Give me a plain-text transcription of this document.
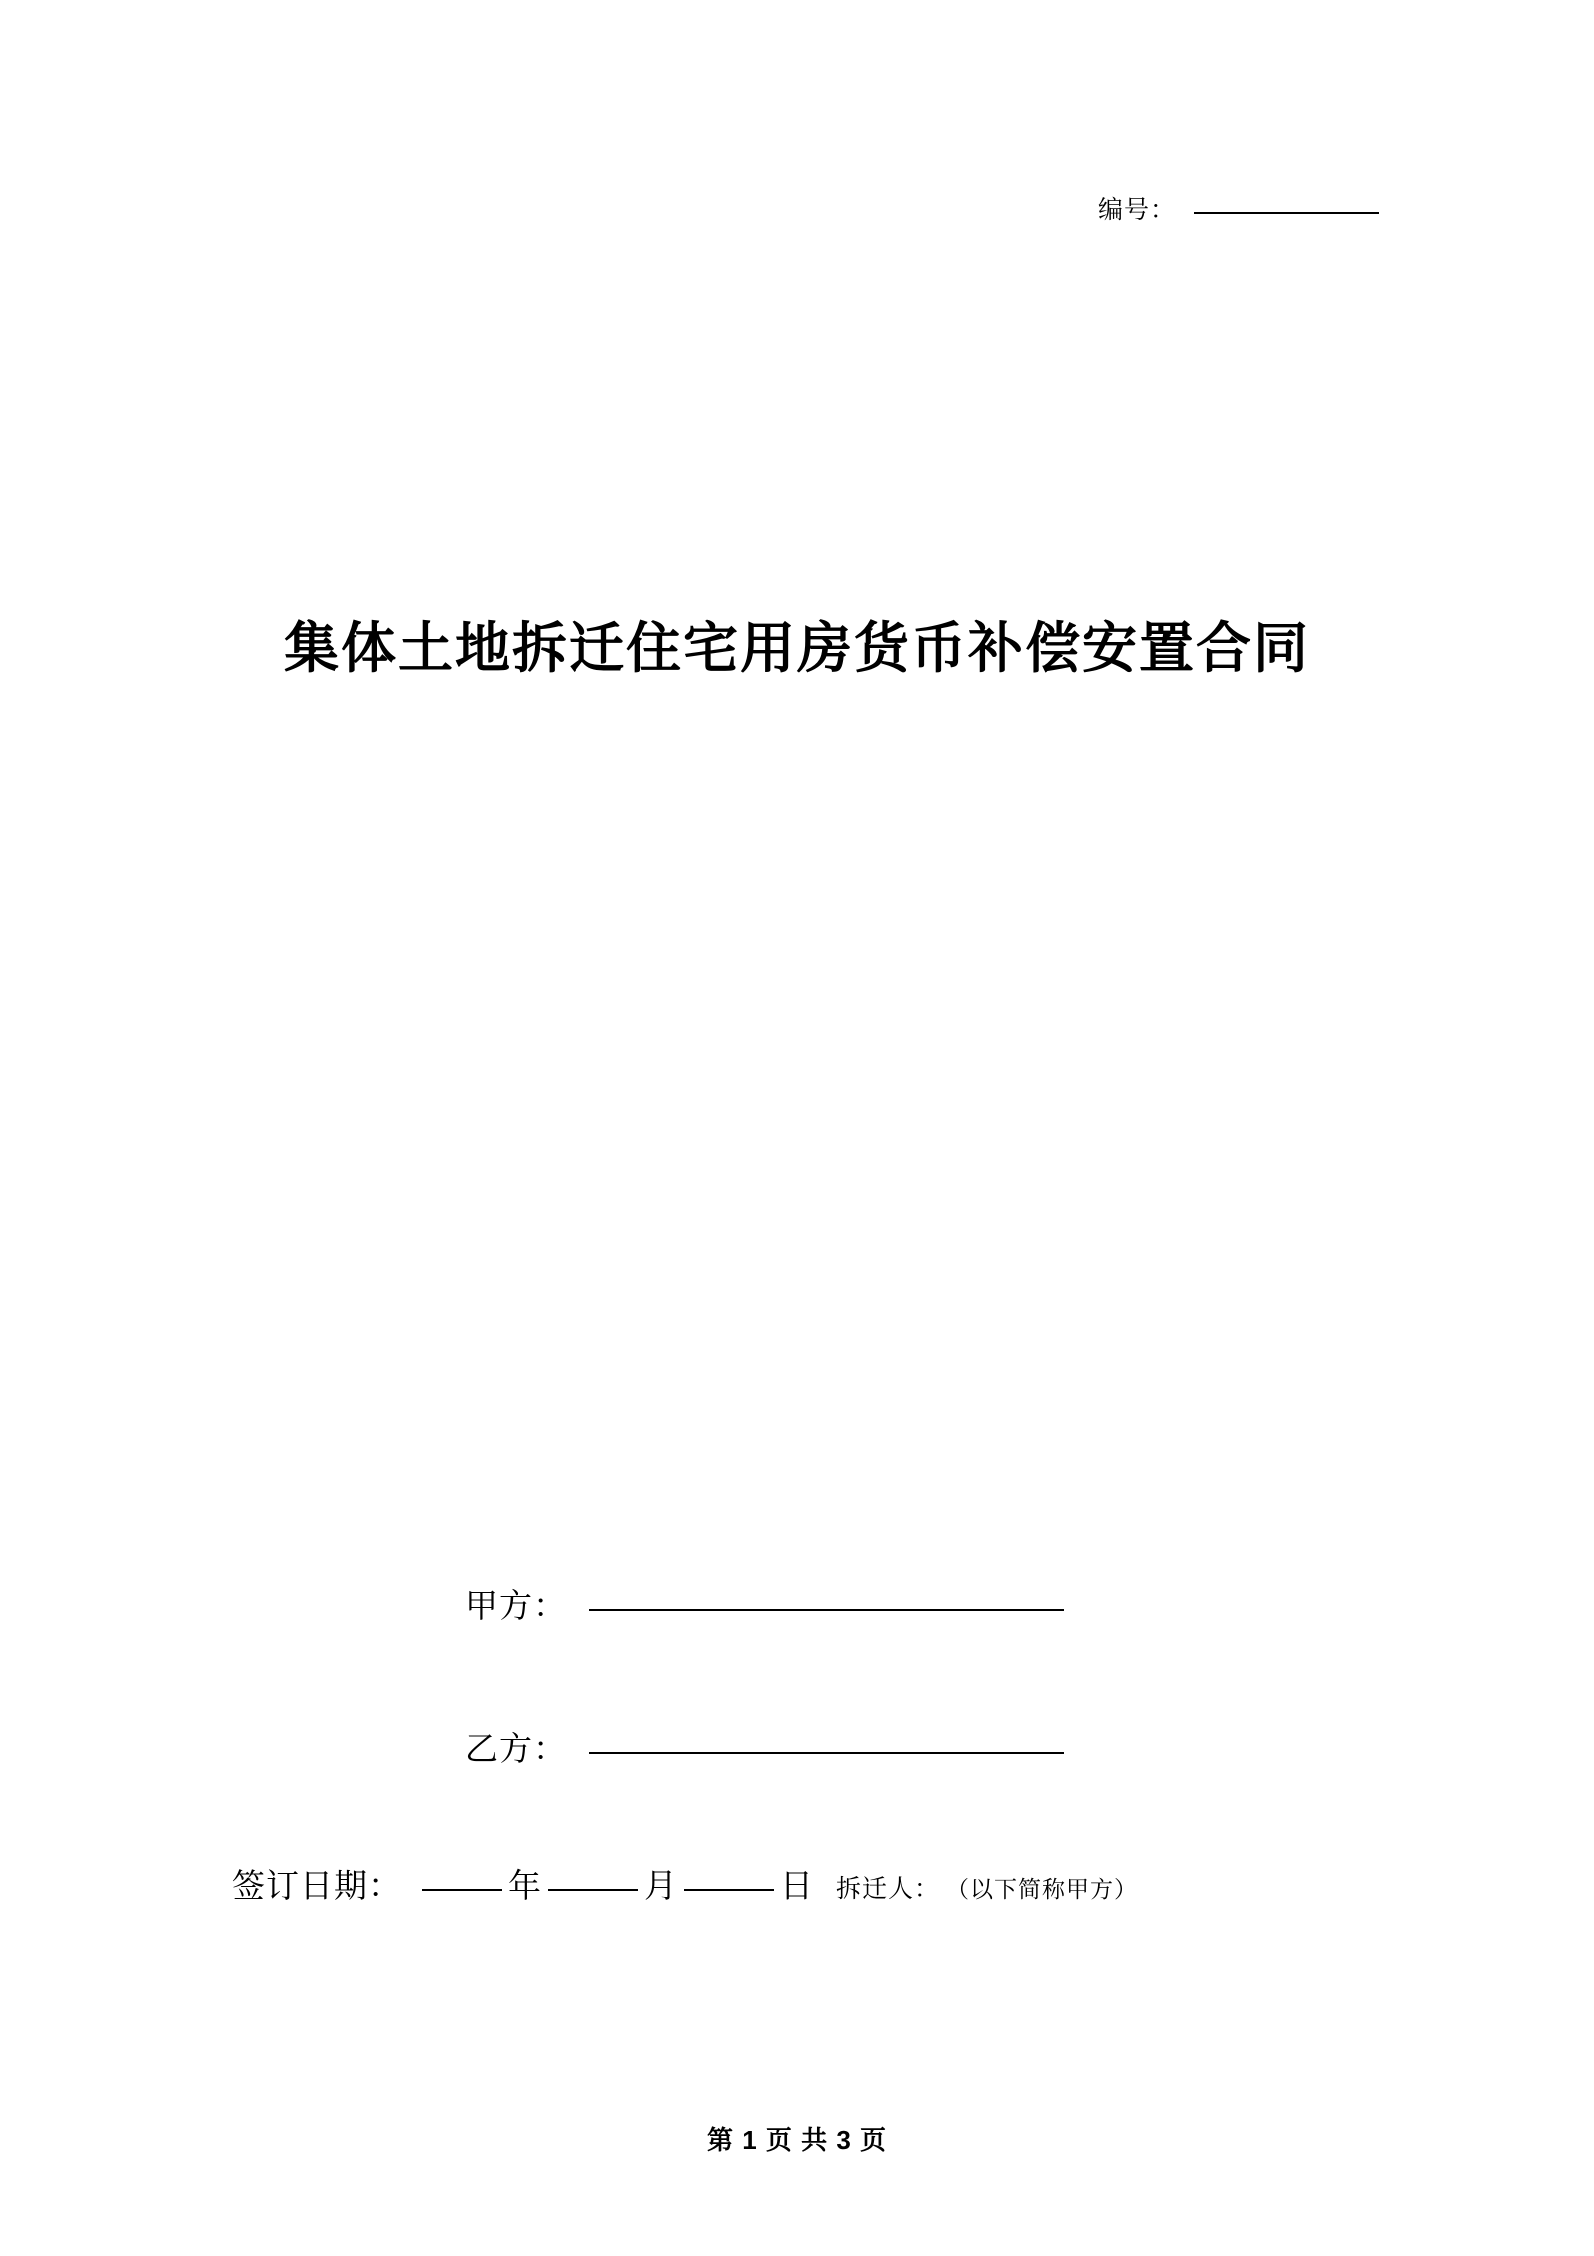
编号：
集体土地拆迁住宅用房货币补偿安置合同
甲方：
乙方：
签订日期：	年	月	日 拆迁人： （以下简称甲方）
第 1 页 共 3 页
